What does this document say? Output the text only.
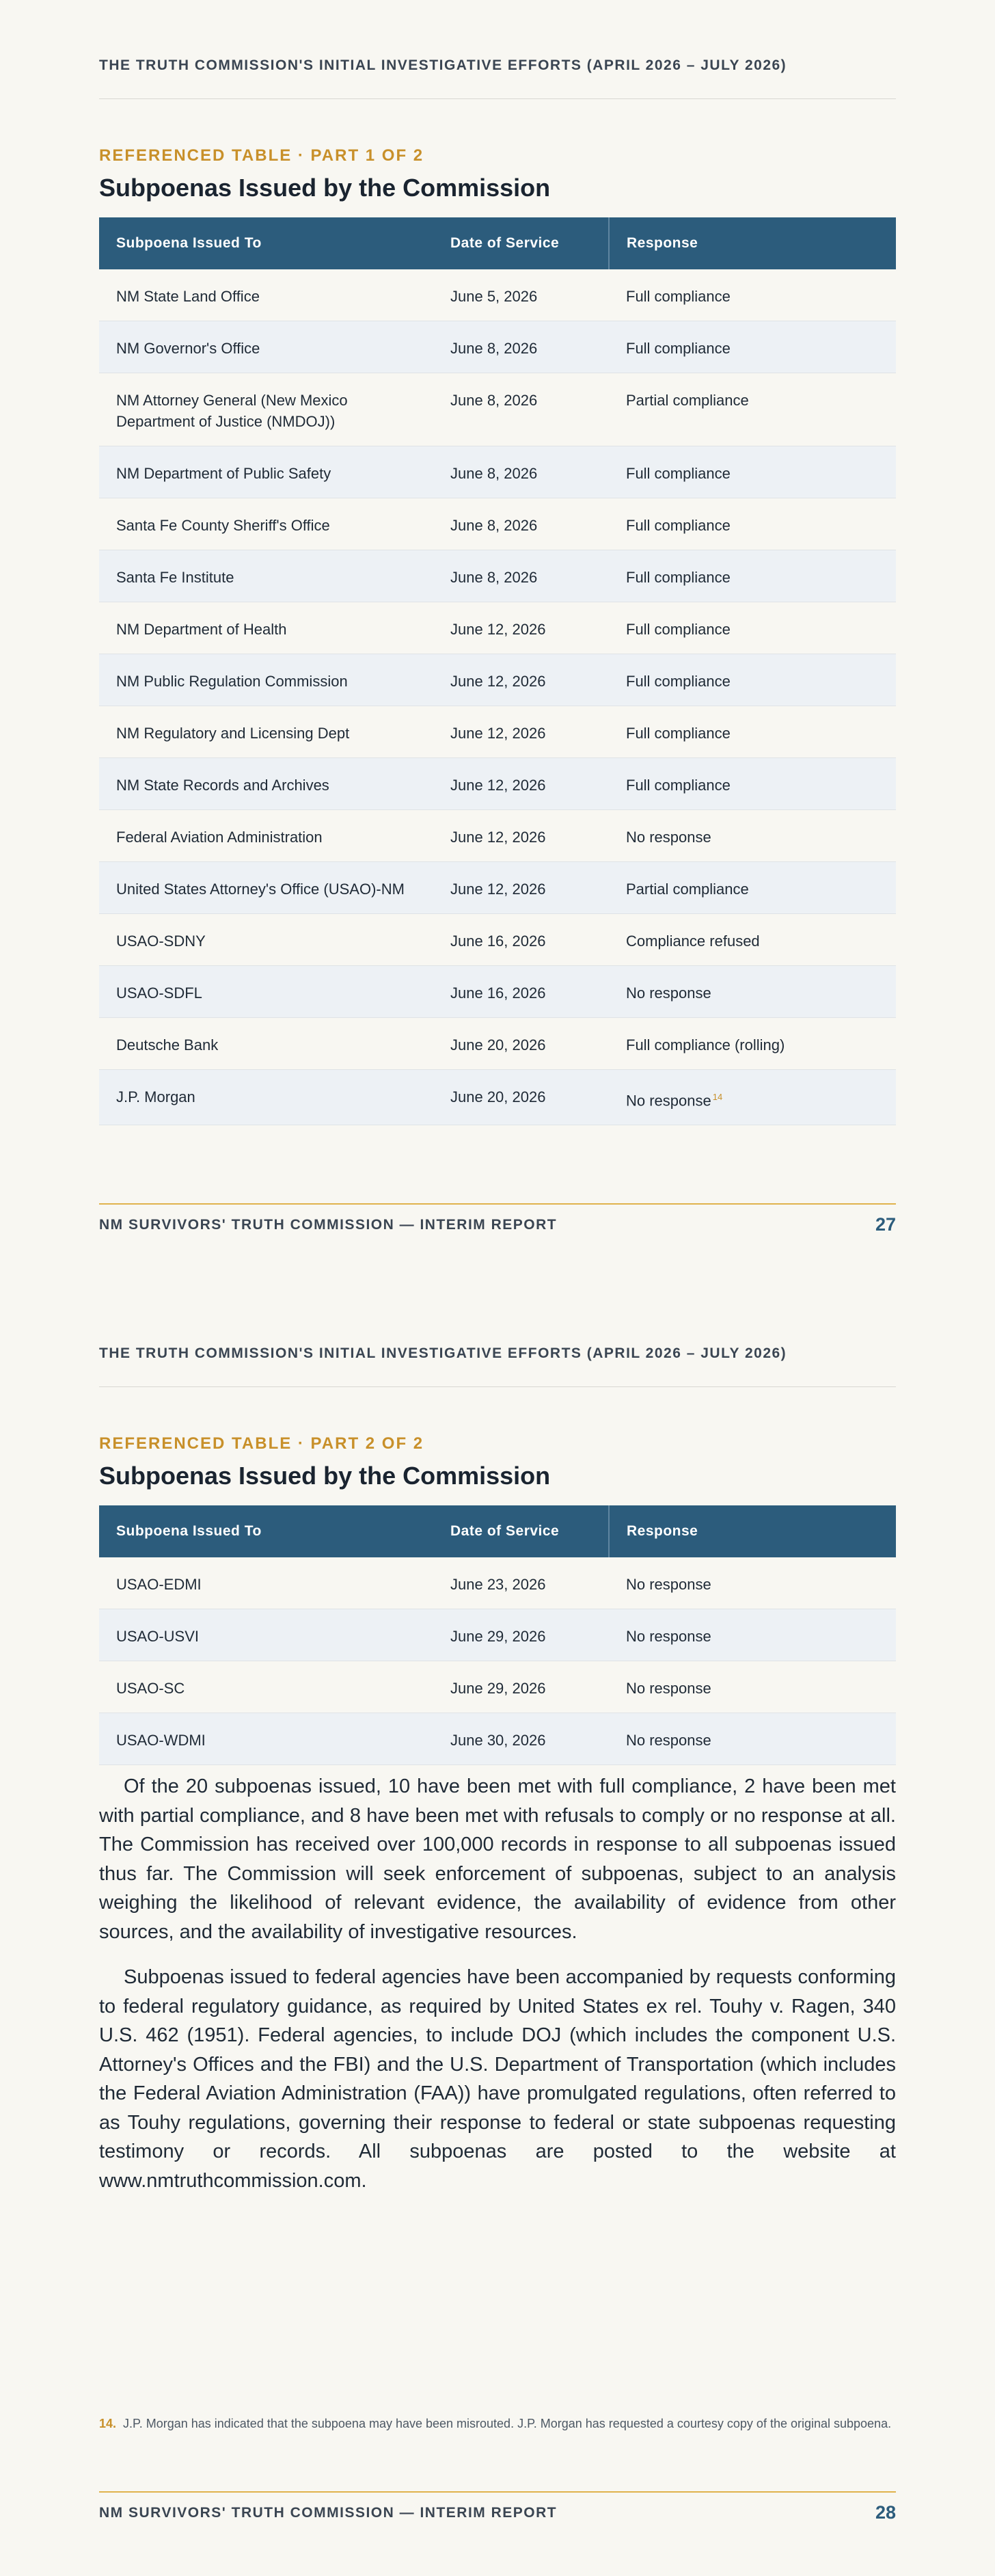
THE TRUTH COMMISSION'S INITIAL INVESTIGATIVE EFFORTS (APRIL 2026 – JULY 2026)
REFERENCED TABLE · PART 1 OF 2
Subpoenas Issued by the Commission
Subpoena Issued To	Date of Service	Response
NM State Land Office	June 5, 2026	Full compliance
NM Governor's Office	June 8, 2026	Full compliance
NM Attorney General (New Mexico Department of Justice (NMDOJ))	June 8, 2026	Partial compliance
NM Department of Public Safety	June 8, 2026	Full compliance
Santa Fe County Sheriff's Office	June 8, 2026	Full compliance
Santa Fe Institute	June 8, 2026	Full compliance
NM Department of Health	June 12, 2026	Full compliance
NM Public Regulation Commission	June 12, 2026	Full compliance
NM Regulatory and Licensing Dept	June 12, 2026	Full compliance
NM State Records and Archives	June 12, 2026	Full compliance
Federal Aviation Administration	June 12, 2026	No response
United States Attorney's Office (USAO)-NM	June 12, 2026	Partial compliance
USAO-SDNY	June 16, 2026	Compliance refused
USAO-SDFL	June 16, 2026	No response
Deutsche Bank	June 20, 2026	Full compliance (rolling)
J.P. Morgan	June 20, 2026	No response $^{14}$
NM SURVIVORS' TRUTH COMMISSION — INTERIM REPORT	27
THE TRUTH COMMISSION'S INITIAL INVESTIGATIVE EFFORTS (APRIL 2026 – JULY 2026)
REFERENCED TABLE · PART 2 OF 2
Subpoenas Issued by the Commission
Subpoena Issued To	Date of Service	Response
USAO-EDMI	June 23, 2026	No response
USAO-USVI	June 29, 2026	No response
USAO-SC	June 29, 2026	No response
USAO-WDMI	June 30, 2026	No response

Of the 20 subpoenas issued, 10 have been met with full compliance, 2 have been met with partial compliance, and 8 have been met with refusals to comply or no response at all. The Commission has received over 100,000 records in response to all subpoenas issued thus far. The Commission will seek enforcement of subpoenas, subject to an analysis weighing the likelihood of relevant evidence, the availability of evidence from other sources, and the availability of investigative resources.

Subpoenas issued to federal agencies have been accompanied by requests conforming to federal regulatory guidance, as required by United States ex rel. Touhy v. Ragen, 340 U.S. 462 (1951). Federal agencies, to include DOJ (which includes the component U.S. Attorney's Offices and the FBI) and the U.S. Department of Transportation (which includes the Federal Aviation Administration (FAA)) have promulgated regulations, often referred to as Touhy regulations, governing their response to federal or state subpoenas requesting testimony or records. All subpoenas are posted to the website at www.nmtruthcommission.com.

14. J.P. Morgan has indicated that the subpoena may have been misrouted. J.P. Morgan has requested a courtesy copy of the original subpoena.
NM SURVIVORS' TRUTH COMMISSION — INTERIM REPORT	28
